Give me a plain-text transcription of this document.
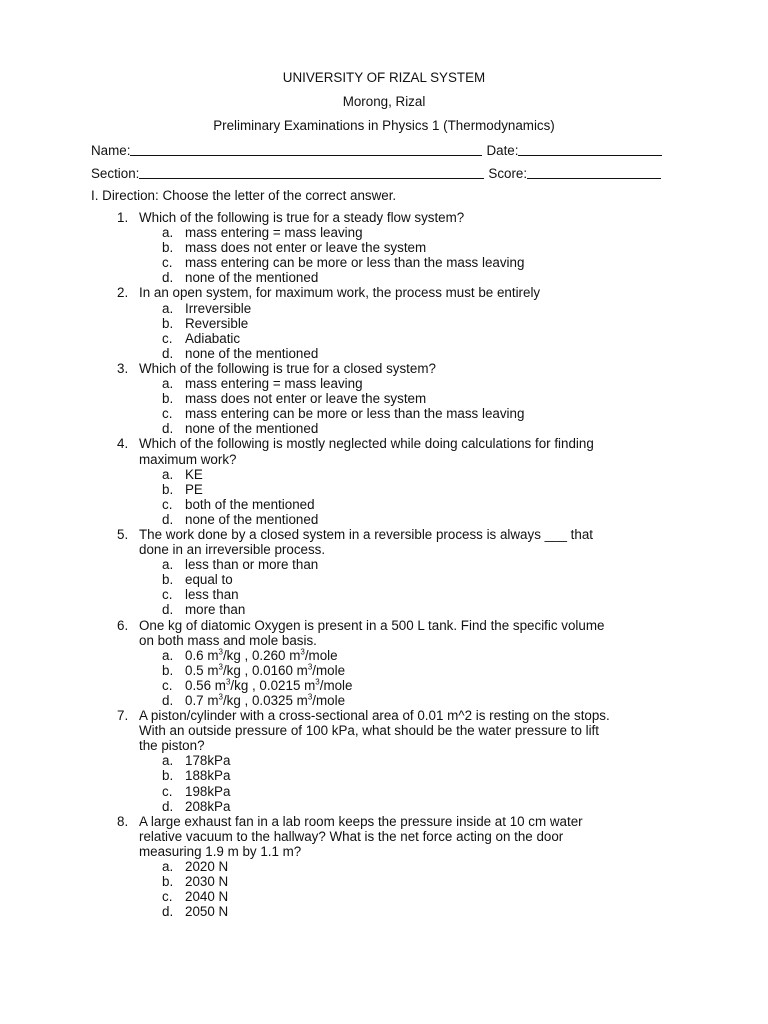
UNIVERSITY OF RIZAL SYSTEM
Morong, Rizal
Preliminary Examinations in Physics 1 (Thermodynamics)
Name:	Date:
Section:	Score:
I. Direction: Choose the letter of the correct answer.
1. Which of the following is true for a steady flow system?
a. mass entering = mass leaving
b. mass does not enter or leave the system
c. mass entering can be more or less than the mass leaving
d. none of the mentioned
2. In an open system, for maximum work, the process must be entirely
a. Irreversible
b. Reversible
c. Adiabatic
d. none of the mentioned
3. Which of the following is true for a closed system?
a. mass entering = mass leaving
b. mass does not enter or leave the system
c. mass entering can be more or less than the mass leaving
d. none of the mentioned
4. Which of the following is mostly neglected while doing calculations for finding
maximum work?
a. KE
b. PE
c. both of the mentioned
d. none of the mentioned
5. The work done by a closed system in a reversible process is always ___ that
done in an irreversible process.
a. less than or more than
b. equal to
c. less than
d. more than
6. One kg of diatomic Oxygen is present in a 500 L tank. Find the specific volume
on both mass and mole basis.
a. 0.6 $m^3/kg$ , 0.260 $m^3$/mole
b. 0.5 $m^3/kg$ , 0.0160 $m^3$/mole
c. 0.56 $m^3/kg$ , 0.0215 $m^3$/mole
d. 0.7 $m^3/kg$ , 0.0325 $m^3$/mole
7. A piston/cylinder with a cross-sectional area of 0.01 m^2 is resting on the stops.
With an outside pressure of 100 kPa, what should be the water pressure to lift
the piston?
a. 178kPa
b. 188kPa
c. 198kPa
d. 208kPa
8. A large exhaust fan in a lab room keeps the pressure inside at 10 cm water
relative vacuum to the hallway? What is the net force acting on the door
measuring 1.9 m by 1.1 m?
a. 2020 N
b. 2030 N
c. 2040 N
d. 2050 N
